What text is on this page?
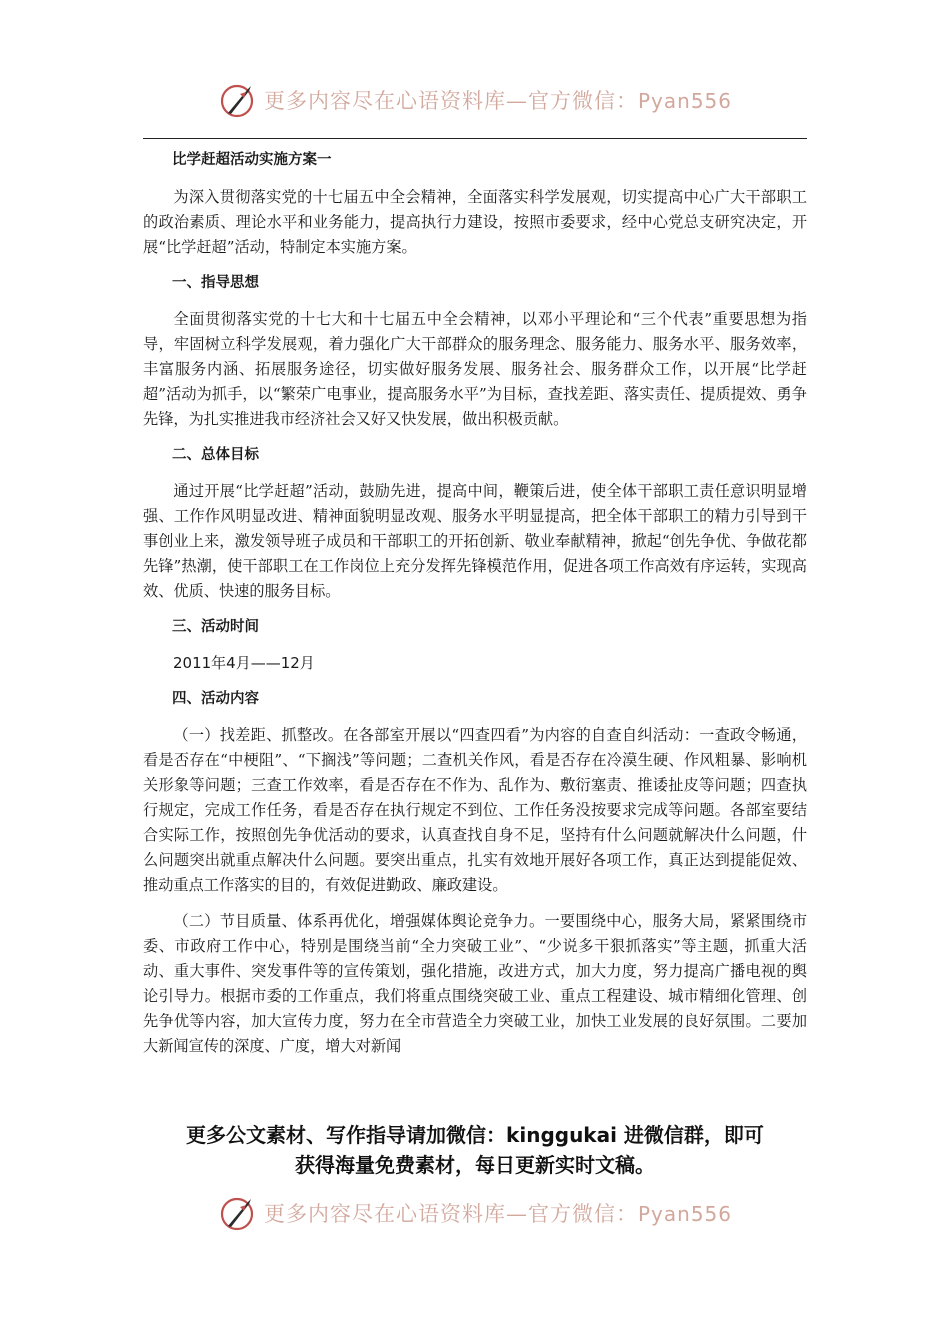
更多内容尽在心语资料库—官方微信：Pyan556

比学赶超活动实施方案一

为深入贯彻落实党的十七届五中全会精神，全面落实科学发展观，切实提高中心广大干部职工的政治素质、理论水平和业务能力，提高执行力建设，按照市委要求，经中心党总支研究决定，开展“比学赶超”活动，特制定本实施方案。

一、指导思想

全面贯彻落实党的十七大和十七届五中全会精神，以邓小平理论和“三个代表”重要思想为指导，牢固树立科学发展观，着力强化广大干部群众的服务理念、服务能力、服务水平、服务效率，丰富服务内涵、拓展服务途径，切实做好服务发展、服务社会、服务群众工作，以开展“比学赶超”活动为抓手，以“繁荣广电事业，提高服务水平”为目标，查找差距、落实责任、提质提效、勇争先锋，为扎实推进我市经济社会又好又快发展，做出积极贡献。

二、总体目标

通过开展“比学赶超”活动，鼓励先进，提高中间，鞭策后进，使全体干部职工责任意识明显增强、工作作风明显改进、精神面貌明显改观、服务水平明显提高，把全体干部职工的精力引导到干事创业上来，激发领导班子成员和干部职工的开拓创新、敬业奉献精神，掀起“创先争优、争做花都先锋”热潮，使干部职工在工作岗位上充分发挥先锋模范作用，促进各项工作高效有序运转，实现高效、优质、快速的服务目标。

三、活动时间

2011年4月——12月

四、活动内容

（一）找差距、抓整改。在各部室开展以“四查四看”为内容的自查自纠活动：一查政令畅通，看是否存在“中梗阻”、“下搁浅”等问题；二查机关作风，看是否存在冷漠生硬、作风粗暴、影响机关形象等问题；三查工作效率，看是否存在不作为、乱作为、敷衍塞责、推诿扯皮等问题；四查执行规定，完成工作任务，看是否存在执行规定不到位、工作任务没按要求完成等问题。各部室要结合实际工作，按照创先争优活动的要求，认真查找自身不足，坚持有什么问题就解决什么问题，什么问题突出就重点解决什么问题。要突出重点，扎实有效地开展好各项工作，真正达到提能促效、推动重点工作落实的目的，有效促进勤政、廉政建设。

（二）节目质量、体系再优化，增强媒体舆论竞争力。一要围绕中心，服务大局，紧紧围绕市委、市政府工作中心，特别是围绕当前“全力突破工业”、“少说多干狠抓落实”等主题，抓重大活动、重大事件、突发事件等的宣传策划，强化措施，改进方式，加大力度，努力提高广播电视的舆论引导力。根据市委的工作重点，我们将重点围绕突破工业、重点工程建设、城市精细化管理、创先争优等内容，加大宣传力度，努力在全市营造全力突破工业，加快工业发展的良好氛围。二要加大新闻宣传的深度、广度，增大对新闻

更多公文素材、写作指导请加微信：kinggukai 进微信群，即可
获得海量免费素材，每日更新实时文稿。
更多内容尽在心语资料库—官方微信：Pyan556
